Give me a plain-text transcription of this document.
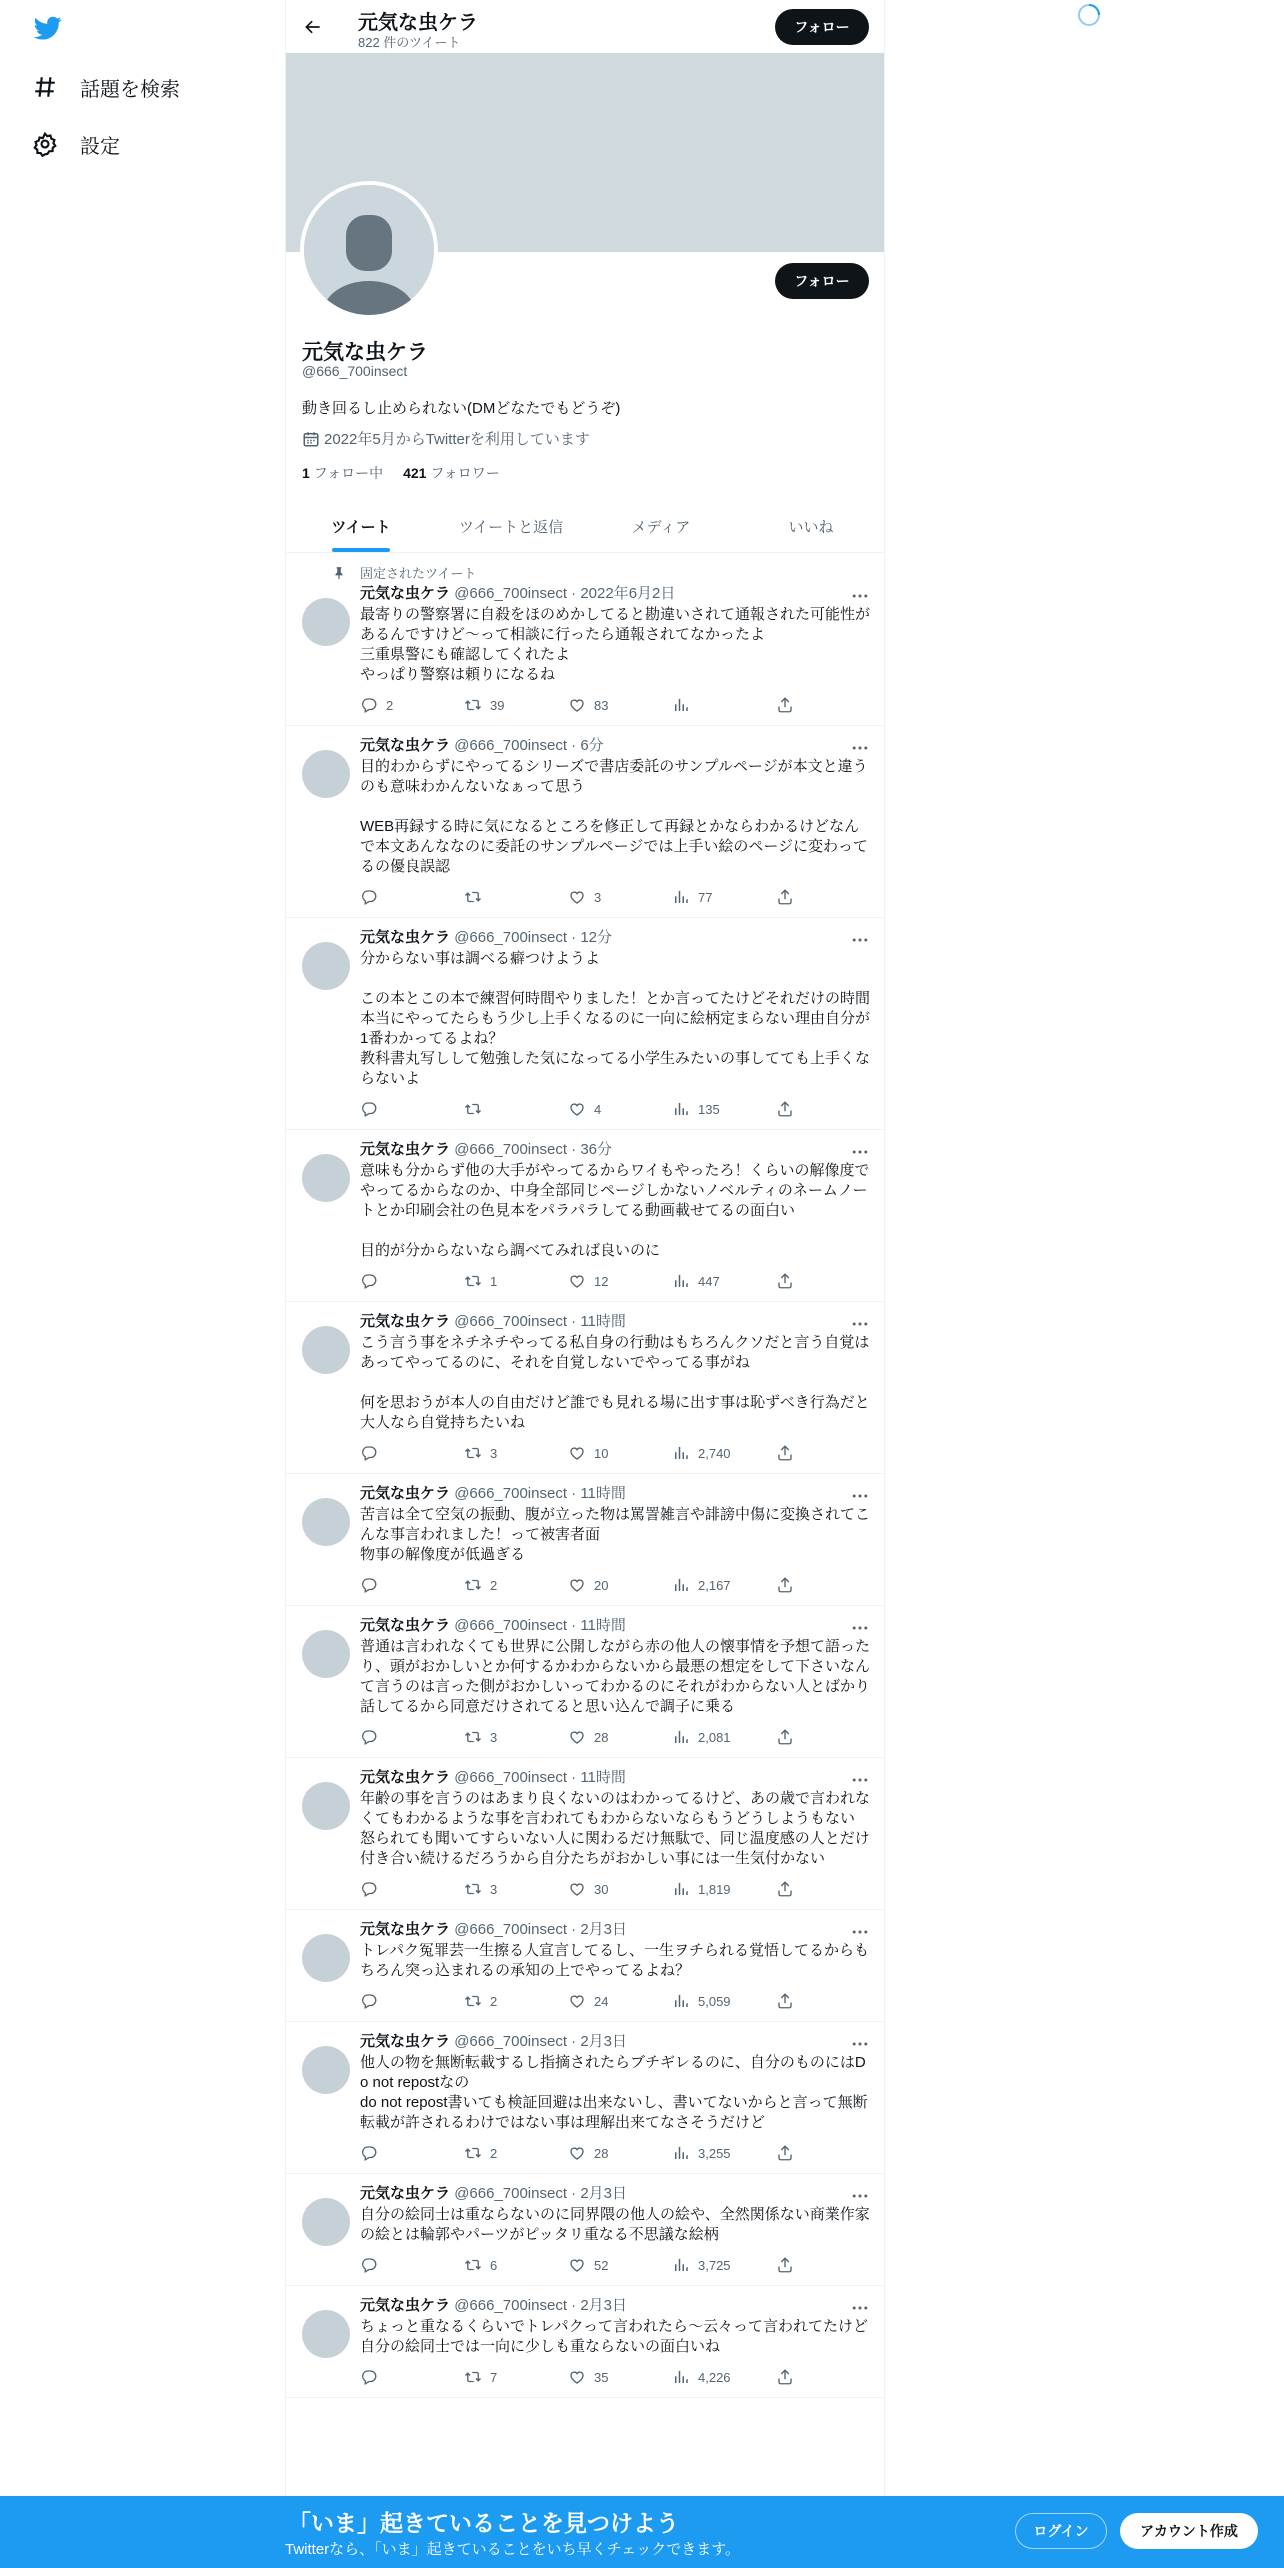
話題を検索
設定
元気な虫ケラ
822 件のツイート
フォロー
フォロー
元気な虫ケラ
@666_700insect
動き回るし止められない(DMどなたでもどうぞ)
2022年5月からTwitterを利用しています
1 フォロー中 421 フォロワー
ツイート	ツイートと返信	メディア	いいね
固定されたツイート
元気な虫ケラ @666_700insect · 2022年6月2日
最寄りの警察署に自殺をほのめかしてると勘違いされて通報された可能性があるんですけど〜って相談に行ったら通報されてなかったよ
三重県警にも確認してくれたよ
やっぱり警察は頼りになるね
2	39	83
元気な虫ケラ @666_700insect · 6分
目的わからずにやってるシリーズで書店委託のサンプルページが本文と違うのも意味わかんないなぁって思う

WEB再録する時に気になるところを修正して再録とかならわかるけどなんで本文あんななのに委託のサンプルページでは上手い絵のページに変わってるの優良誤認
3	77
元気な虫ケラ @666_700insect · 12分
分からない事は調べる癖つけようよ

この本とこの本で練習何時間やりました！とか言ってたけどそれだけの時間本当にやってたらもう少し上手くなるのに一向に絵柄定まらない理由自分が1番わかってるよね？
教科書丸写しして勉強した気になってる小学生みたいの事してても上手くならないよ
4	135
元気な虫ケラ @666_700insect · 36分
意味も分からず他の大手がやってるからワイもやったろ！くらいの解像度でやってるからなのか、中身全部同じページしかないノベルティのネームノートとか印刷会社の色見本をパラパラしてる動画載せてるの面白い

目的が分からないなら調べてみれば良いのに
1	12	447
元気な虫ケラ @666_700insect · 11時間
こう言う事をネチネチやってる私自身の行動はもちろんクソだと言う自覚はあってやってるのに、それを自覚しないでやってる事がね

何を思おうが本人の自由だけど誰でも見れる場に出す事は恥ずべき行為だと大人なら自覚持ちたいね
3	10	2,740
元気な虫ケラ @666_700insect · 11時間
苦言は全て空気の振動、腹が立った物は罵詈雑言や誹謗中傷に変換されてこんな事言われました！って被害者面
物事の解像度が低過ぎる
2	20	2,167
元気な虫ケラ @666_700insect · 11時間
普通は言われなくても世界に公開しながら赤の他人の懐事情を予想て語ったり、頭がおかしいとか何するかわからないから最悪の想定をして下さいなんて言うのは言った側がおかしいってわかるのにそれがわからない人とばかり話してるから同意だけされてると思い込んで調子に乗る
3	28	2,081
元気な虫ケラ @666_700insect · 11時間
年齢の事を言うのはあまり良くないのはわかってるけど、あの歳で言われなくてもわかるような事を言われてもわからないならもうどうしようもない
怒られても聞いてすらいない人に関わるだけ無駄で、同じ温度感の人とだけ付き合い続けるだろうから自分たちがおかしい事には一生気付かない
3	30	1,819
元気な虫ケラ @666_700insect · 2月3日
トレパク冤罪芸一生擦る人宣言してるし、一生ヲチられる覚悟してるからもちろん突っ込まれるの承知の上でやってるよね？
2	24	5,059
元気な虫ケラ @666_700insect · 2月3日
他人の物を無断転載するし指摘されたらブチギレるのに、自分のものにはDo not repostなの
do not repost書いても検証回避は出来ないし、書いてないからと言って無断転載が許されるわけではない事は理解出来てなさそうだけど
2	28	3,255
元気な虫ケラ @666_700insect · 2月3日
自分の絵同士は重ならないのに同界隈の他人の絵や、全然関係ない商業作家の絵とは輪郭やパーツがピッタリ重なる不思議な絵柄
6	52	3,725
元気な虫ケラ @666_700insect · 2月3日
ちょっと重なるくらいでトレパクって言われたら〜云々って言われてたけど自分の絵同士では一向に少しも重ならないの面白いね
7	35	4,226
「いま」起きていることを見つけよう
Twitterなら、「いま」起きていることをいち早くチェックできます。
ログイン	アカウント作成
